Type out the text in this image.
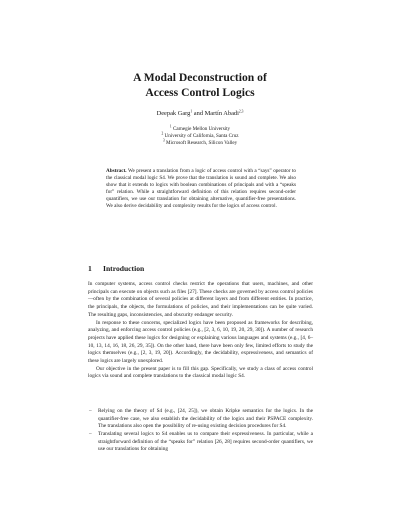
A Modal Deconstruction of
Access Control Logics
Deepak Garg$^1$ and Martín Abadi$^{2,3}$
$^1$ Carnegie Mellon University
$^2$ University of California, Santa Cruz
$^3$ Microsoft Research, Silicon Valley
Abstract. We present a translation from a logic of access control with a “says” operator to the classical modal logic S4. We prove that the translation is sound and complete. We also show that it extends to logics with boolean combinations of principals and with a “speaks for” relation. While a straightforward definition of this relation requires second-order quantifiers, we use our translation for obtaining alternative, quantifier-free presentations. We also derive decidability and complexity results for the logics of access control.
1 Introduction

In computer systems, access control checks restrict the operations that users, machines, and other principals can execute on objects such as files [27]. These checks are governed by access control policies—often by the combination of several policies at different layers and from different entities. In practice, the principals, the objects, the formulations of policies, and their implementations can be quite varied. The resulting gaps, inconsistencies, and obscurity endanger security.

In response to these concerns, specialized logics have been proposed as frameworks for describing, analyzing, and enforcing access control policies (e.g., [2, 3, 6, 10, 19, 20, 29, 30]). A number of research projects have applied these logics for designing or explaining various languages and systems (e.g., [4, 6–10, 13, 14, 16, 18, 26, 29, 35]). On the other hand, there have been only few, limited efforts to study the logics themselves (e.g., [2, 3, 19, 20]). Accordingly, the decidability, expressiveness, and semantics of these logics are largely unexplored.

Our objective in the present paper is to fill this gap. Specifically, we study a class of access control logics via sound and complete translations to the classical modal logic S4.

– Relying on the theory of S4 (e.g., [24, 25]), we obtain Kripke semantics for the logics. In the quantifier-free case, we also establish the decidability of the logics and their PSPACE complexity. The translations also open the possibility of re-using existing decision procedures for S4.
– Translating several logics to S4 enables us to compare their expressiveness. In particular, while a straightforward definition of the “speaks for” relation [26, 28] requires second-order quantifiers, we use our translations for obtaining
